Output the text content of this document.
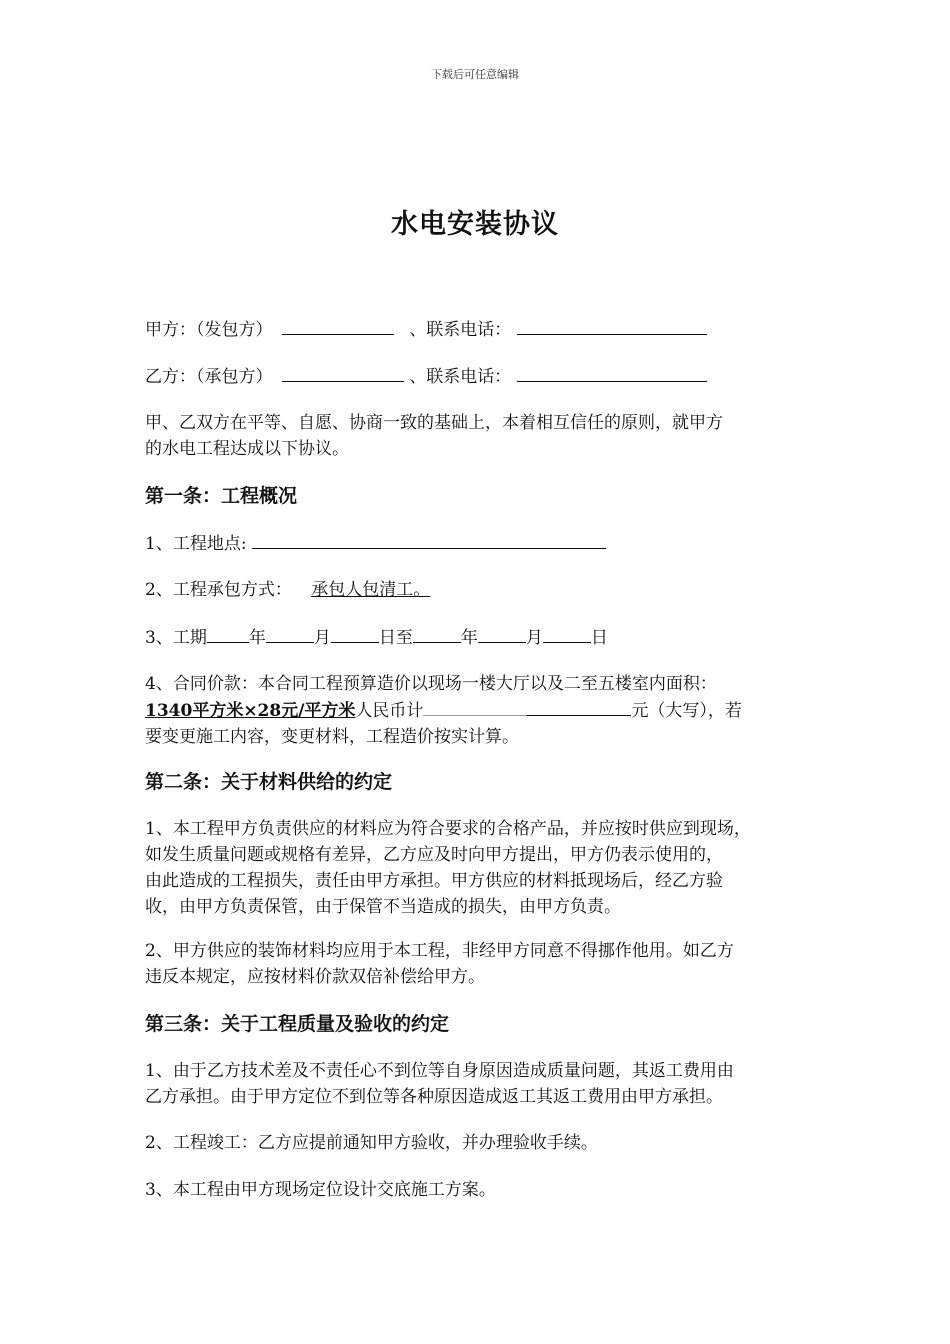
下载后可任意编辑
水电安装协议
甲方：（发包方）	、联系电话：
乙方：（承包方）	、联系电话：
甲、乙双方在平等、自愿、协商一致的基础上，本着相互信任的原则，就甲方
的水电工程达成以下协议。
第一条：工程概况
1、工程地点:
2、工程承包方式： 承包人包清工。
3、工期 年	月	日至	年	月	日
4、合同价款：本合同工程预算造价以现场一楼大厅以及二至五楼室内面积：
1340平方米×28元/平方米人民币计	元（大写），若
要变更施工内容，变更材料，工程造价按实计算。
第二条：关于材料供给的约定
1、本工程甲方负责供应的材料应为符合要求的合格产品，并应按时供应到现场，
如发生质量问题或规格有差异，乙方应及时向甲方提出，甲方仍表示使用的，
由此造成的工程损失，责任由甲方承担。甲方供应的材料抵现场后，经乙方验
收，由甲方负责保管，由于保管不当造成的损失，由甲方负责。
2、甲方供应的装饰材料均应用于本工程，非经甲方同意不得挪作他用。如乙方
违反本规定，应按材料价款双倍补偿给甲方。
第三条：关于工程质量及验收的约定
1、由于乙方技术差及不责任心不到位等自身原因造成质量问题，其返工费用由
乙方承担。由于甲方定位不到位等各种原因造成返工其返工费用由甲方承担。
2、工程竣工：乙方应提前通知甲方验收，并办理验收手续。
3、本工程由甲方现场定位设计交底施工方案。
